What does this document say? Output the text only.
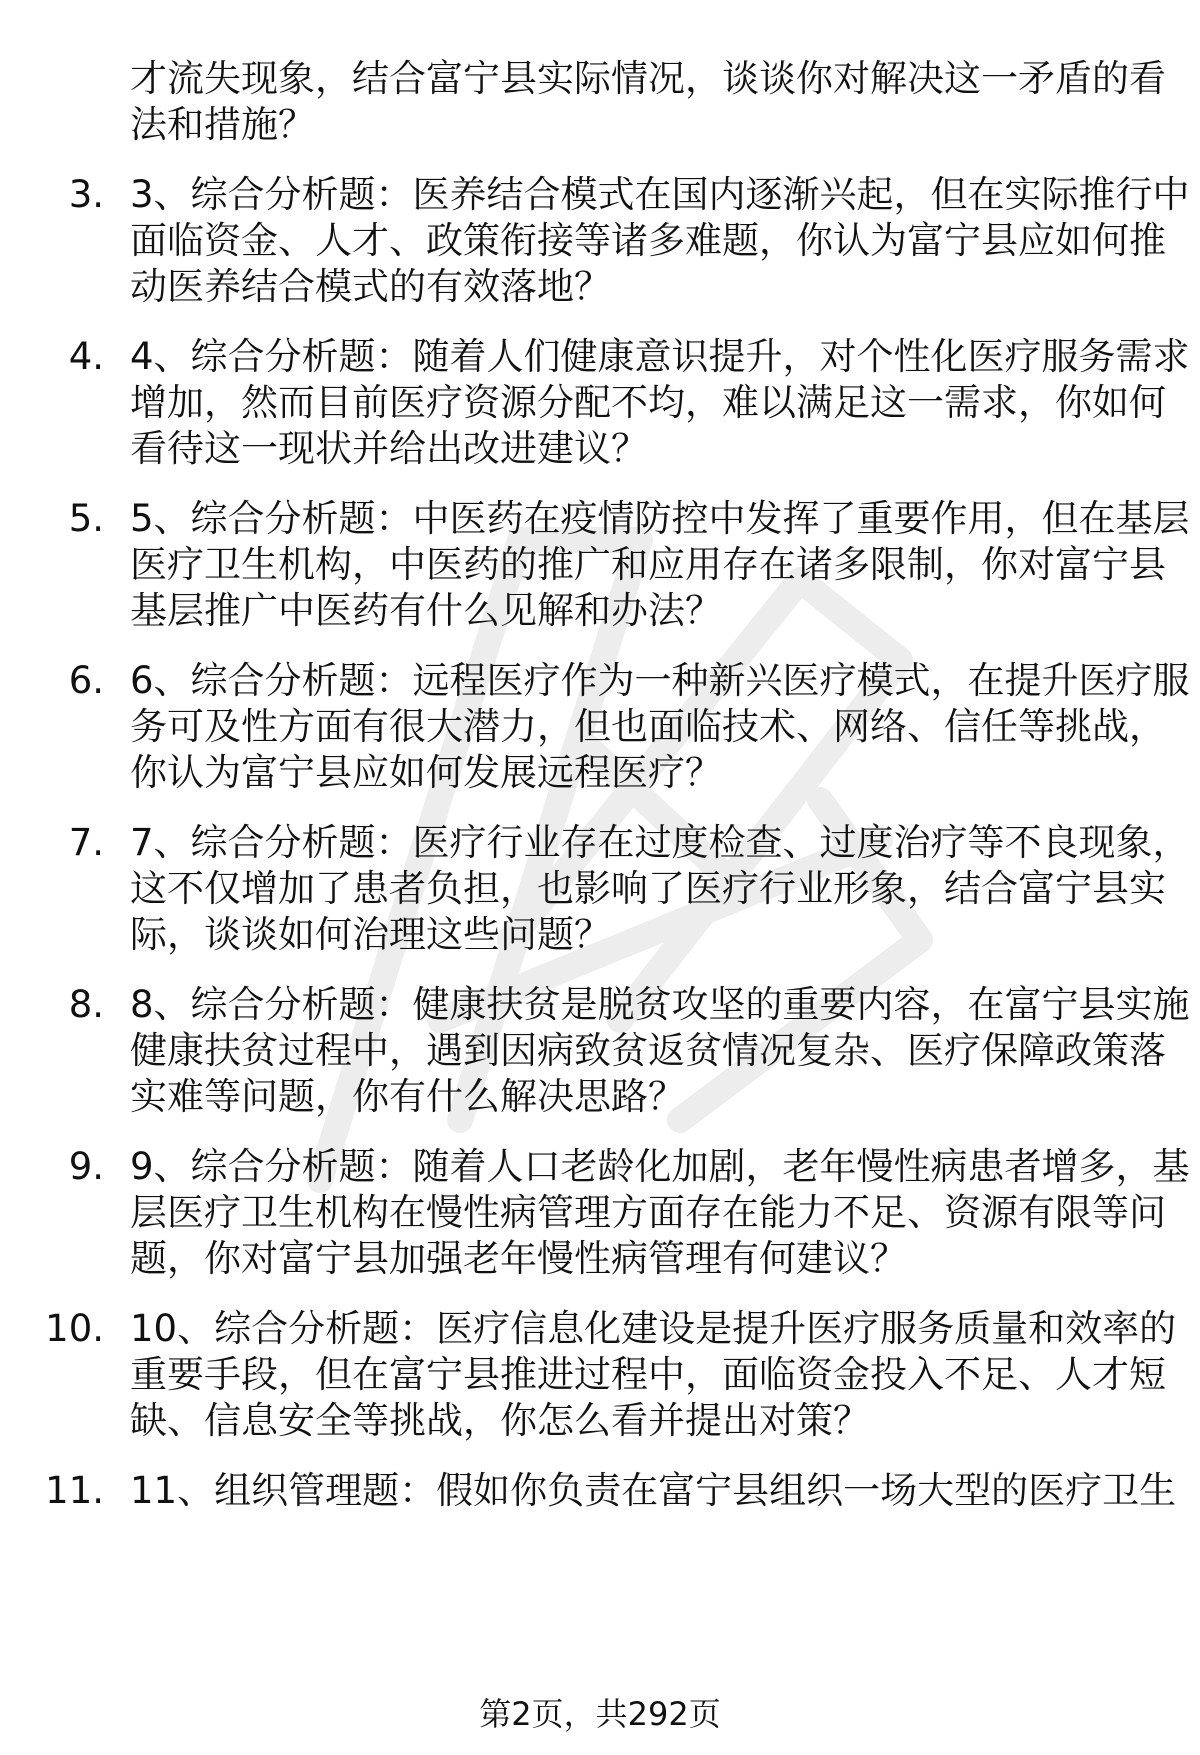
才流失现象，结合富宁县实际情况，谈谈你对解决这一矛盾的看
法和措施？
3. 3、综合分析题：医养结合模式在国内逐渐兴起，但在实际推行中
面临资金、人才、政策衔接等诸多难题，你认为富宁县应如何推
动医养结合模式的有效落地？
4. 4、综合分析题：随着人们健康意识提升，对个性化医疗服务需求
增加，然而目前医疗资源分配不均，难以满足这一需求，你如何
看待这一现状并给出改进建议？
5. 5、综合分析题：中医药在疫情防控中发挥了重要作用，但在基层
医疗卫生机构，中医药的推广和应用存在诸多限制，你对富宁县
基层推广中医药有什么见解和办法？
6. 6、综合分析题：远程医疗作为一种新兴医疗模式，在提升医疗服
务可及性方面有很大潜力，但也面临技术、网络、信任等挑战，
你认为富宁县应如何发展远程医疗？
7. 7、综合分析题：医疗行业存在过度检查、过度治疗等不良现象，
这不仅增加了患者负担，也影响了医疗行业形象，结合富宁县实
际，谈谈如何治理这些问题？
8. 8、综合分析题：健康扶贫是脱贫攻坚的重要内容，在富宁县实施
健康扶贫过程中，遇到因病致贫返贫情况复杂、医疗保障政策落
实难等问题，你有什么解决思路？
9. 9、综合分析题：随着人口老龄化加剧，老年慢性病患者增多，基
层医疗卫生机构在慢性病管理方面存在能力不足、资源有限等问
题，你对富宁县加强老年慢性病管理有何建议？
10. 10、综合分析题：医疗信息化建设是提升医疗服务质量和效率的
重要手段，但在富宁县推进过程中，面临资金投入不足、人才短
缺、信息安全等挑战，你怎么看并提出对策？
11. 11、组织管理题：假如你负责在富宁县组织一场大型的医疗卫生
第2页，共292页
